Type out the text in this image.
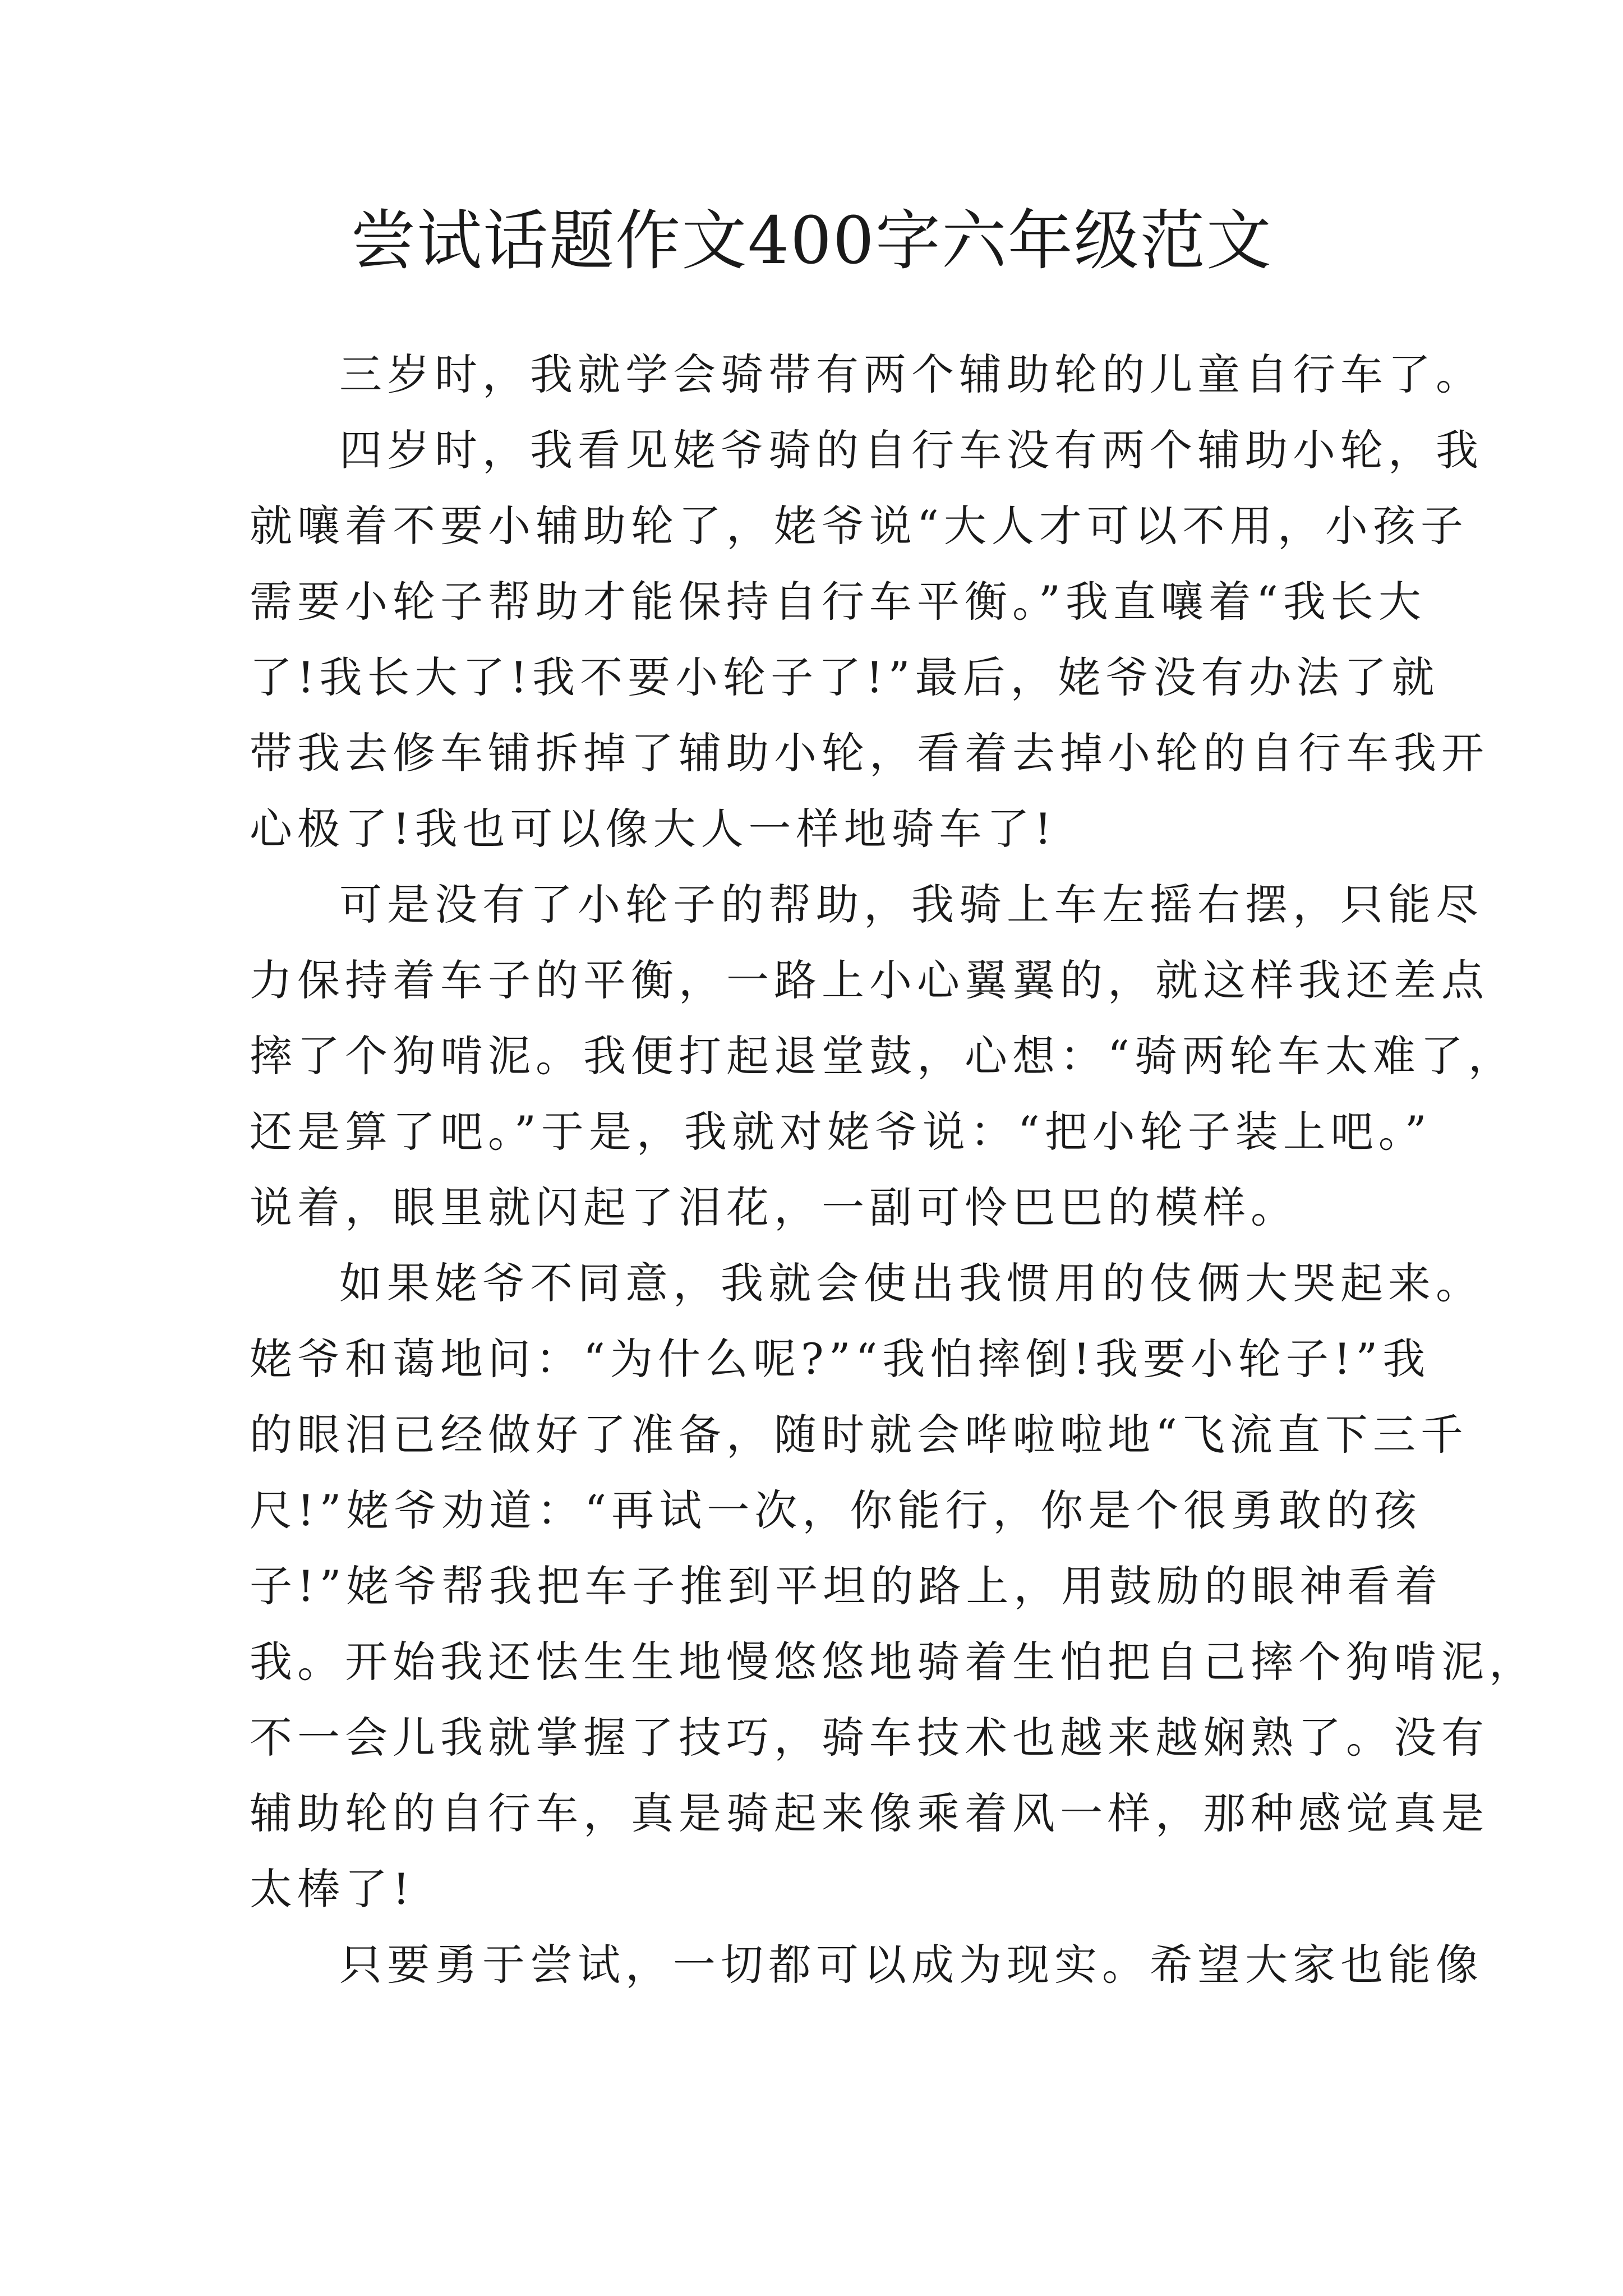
尝试话题作文400字六年级范文
三岁时，我就学会骑带有两个辅助轮的儿童自行车了。
四岁时，我看见姥爷骑的自行车没有两个辅助小轮，我
就嚷着不要小辅助轮了，姥爷说“大人才可以不用，小孩子
需要小轮子帮助才能保持自行车平衡。”我直嚷着“我长大
了!我长大了!我不要小轮子了!”最后，姥爷没有办法了就
带我去修车铺拆掉了辅助小轮，看着去掉小轮的自行车我开
心极了!我也可以像大人一样地骑车了!
可是没有了小轮子的帮助，我骑上车左摇右摆，只能尽
力保持着车子的平衡，一路上小心翼翼的，就这样我还差点
摔了个狗啃泥。我便打起退堂鼓，心想：“骑两轮车太难了，
还是算了吧。”于是，我就对姥爷说：“把小轮子装上吧。”
说着，眼里就闪起了泪花，一副可怜巴巴的模样。
如果姥爷不同意，我就会使出我惯用的伎俩大哭起来。
姥爷和蔼地问：“为什么呢?”“我怕摔倒!我要小轮子!”我
的眼泪已经做好了准备，随时就会哗啦啦地“飞流直下三千
尺!”姥爷劝道：“再试一次，你能行，你是个很勇敢的孩
子!”姥爷帮我把车子推到平坦的路上，用鼓励的眼神看着
我。开始我还怯生生地慢悠悠地骑着生怕把自己摔个狗啃泥，
不一会儿我就掌握了技巧，骑车技术也越来越娴熟了。没有
辅助轮的自行车，真是骑起来像乘着风一样，那种感觉真是
太棒了!
只要勇于尝试，一切都可以成为现实。希望大家也能像
